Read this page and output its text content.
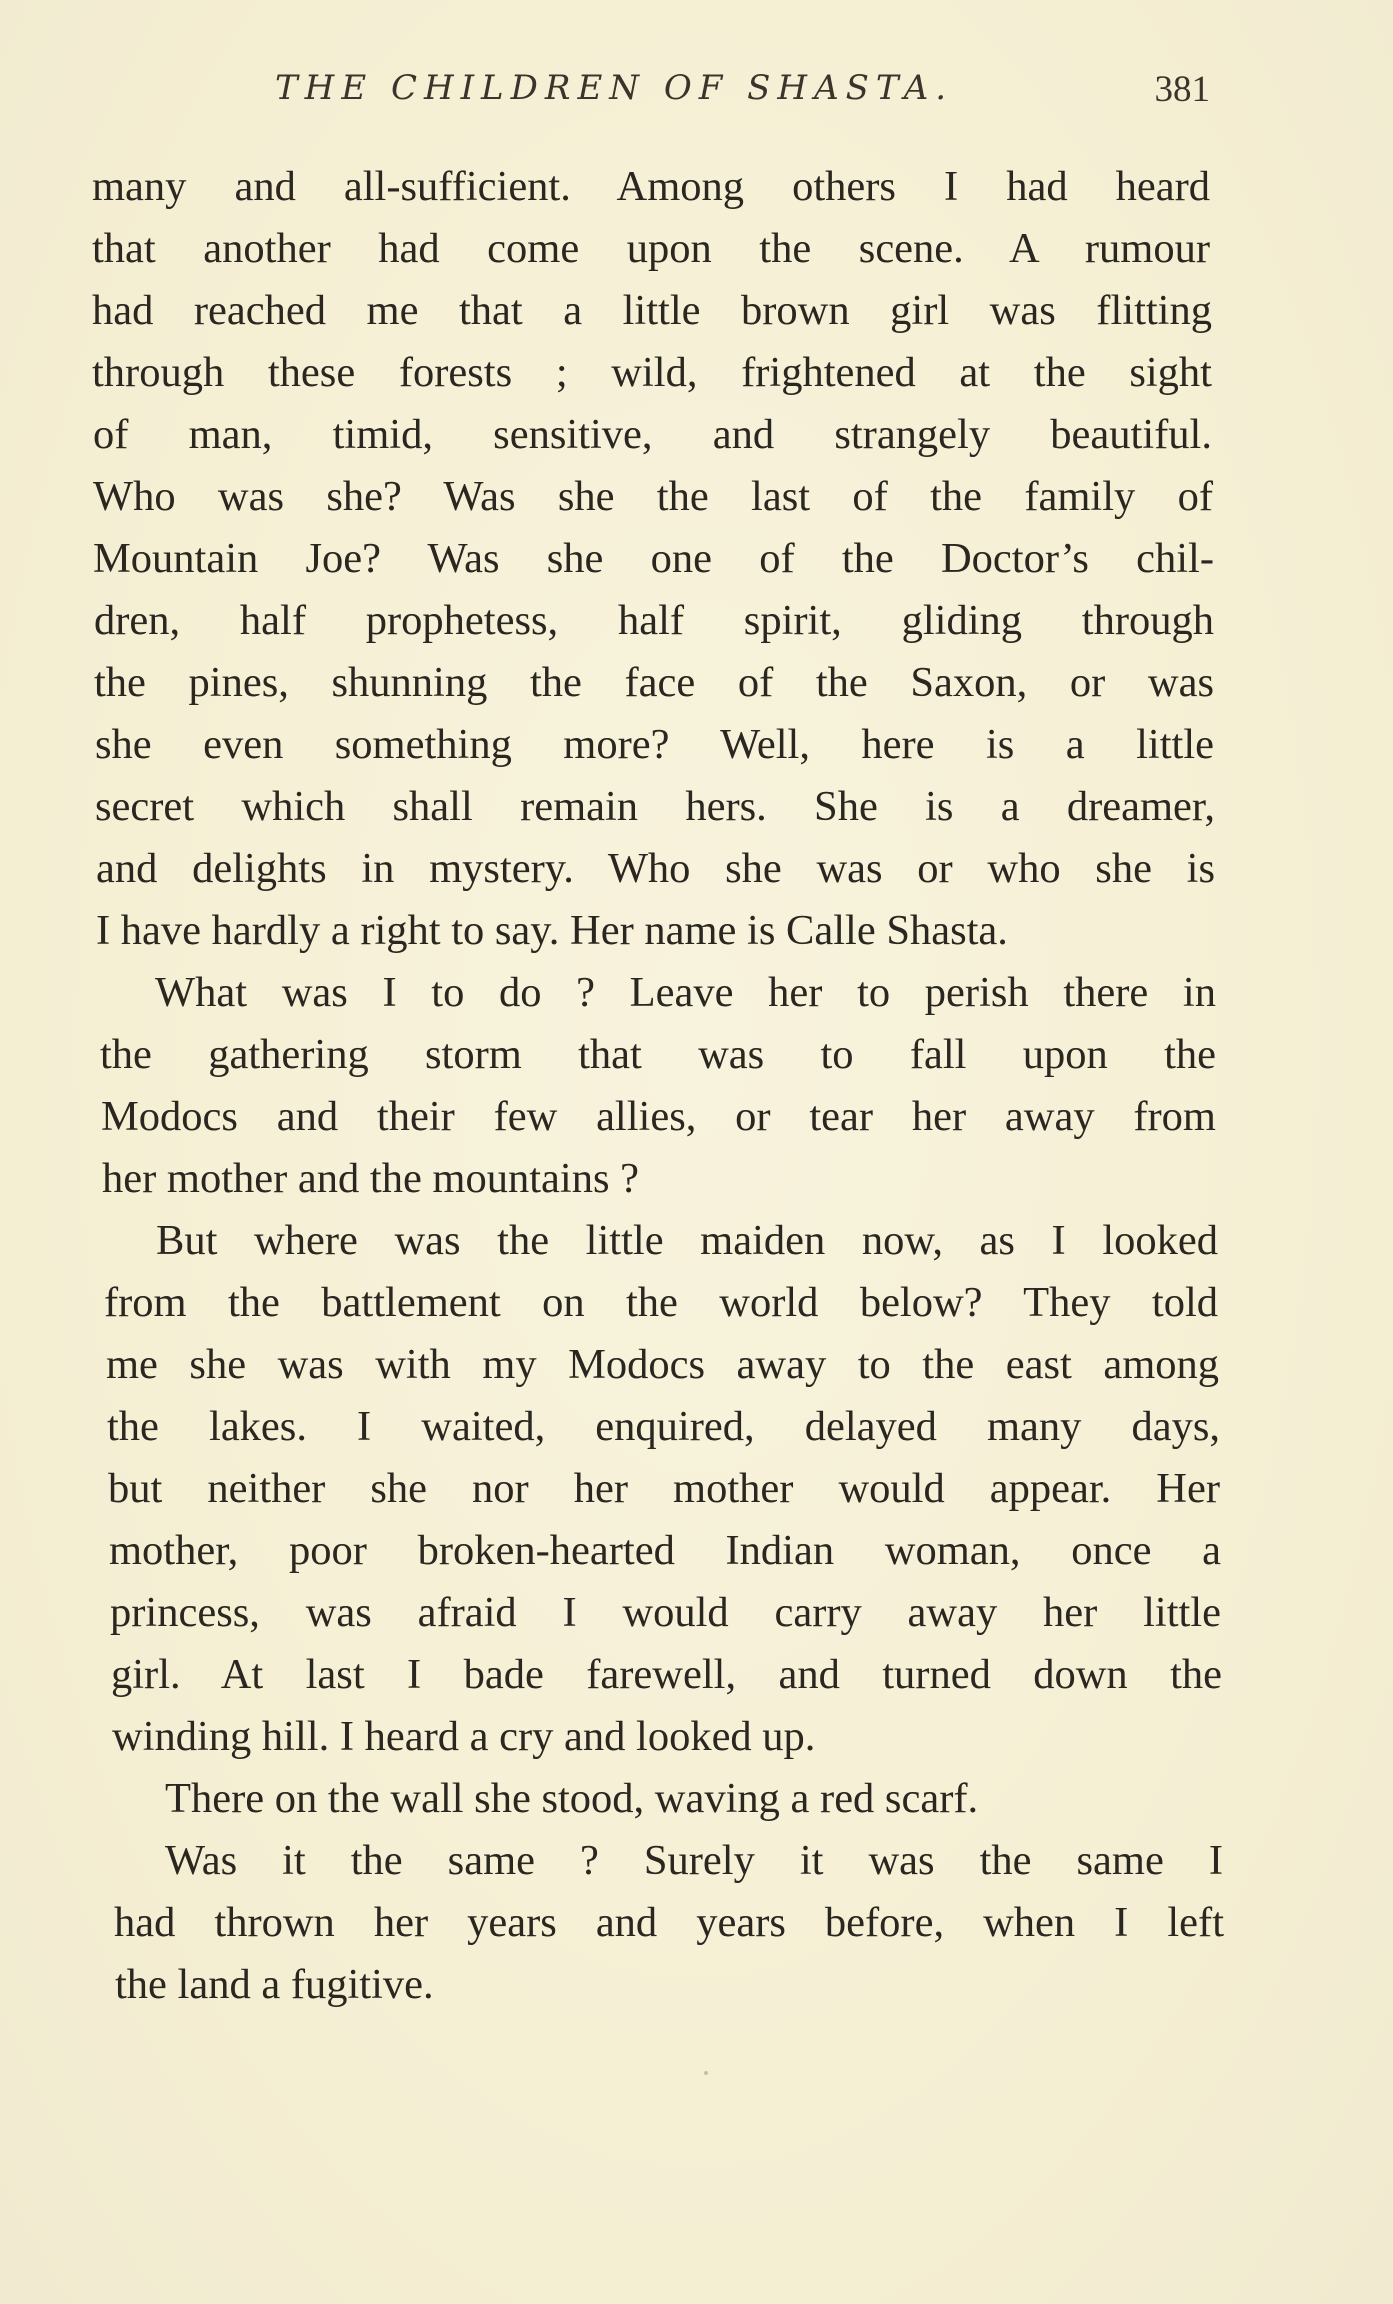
THE CHILDREN OF SHASTA.	381
many and all-sufficient. Among others I had heard
that another had come upon the scene. A rumour
had reached me that a little brown girl was flitting
through these forests ; wild, frightened at the sight
of man, timid, sensitive, and strangely beautiful.
Who was she? Was she the last of the family of
Mountain Joe? Was she one of the Doctor’s chil-
dren, half prophetess, half spirit, gliding through
the pines, shunning the face of the Saxon, or was
she even something more? Well, here is a little
secret which shall remain hers. She is a dreamer,
and delights in mystery. Who she was or who she is
I have hardly a right to say. Her name is Calle Shasta.
What was I to do ? Leave her to perish there in
the gathering storm that was to fall upon the
Modocs and their few allies, or tear her away from
her mother and the mountains ?
But where was the little maiden now, as I looked
from the battlement on the world below? They told
me she was with my Modocs away to the east among
the lakes. I waited, enquired, delayed many days,
but neither she nor her mother would appear. Her
mother, poor broken-hearted Indian woman, once a
princess, was afraid I would carry away her little
girl. At last I bade farewell, and turned down the
winding hill. I heard a cry and looked up.
There on the wall she stood, waving a red scarf.
Was it the same ? Surely it was the same I
had thrown her years and years before, when I left
the land a fugitive.
